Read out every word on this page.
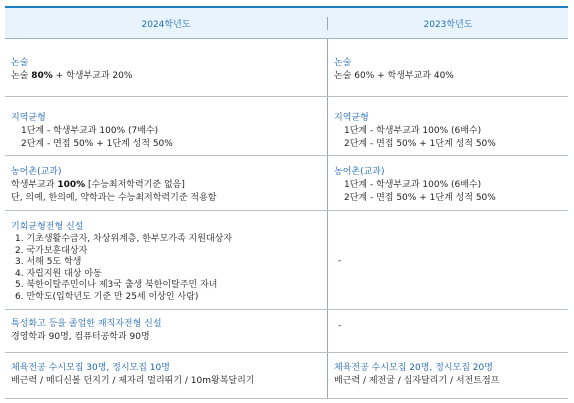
2024학년도	2023학년도
논술
논술 80% + 학생부교과 20%
논술
논술 60% + 학생부교과 40%
지역균형
1단계 - 학생부교과 100% (7배수)
2단계 - 면접 50% + 1단계 성적 50%
지역균형
1단계 - 학생부교과 100% (6배수)
2단계 - 면접 50% + 1단계 성적 50%
농어촌(교과)
학생부교과 100% [수능최저학력기준 없음]
단, 의예, 한의예, 약학과는 수능최저학력기준 적용함
농어촌(교과)
1단계 - 학생부교과 100% (6배수)
2단계 - 면접 50% + 1단계 성적 50%
기회균형전형 신설
1. 기초생활수급자, 차상위계층, 한부모가족 지원대상자
2. 국가보훈대상자
3. 서해 5도 학생
4. 자립지원 대상 아동
5. 북한이탈주민이나 제3국 출생 북한이탈주민 자녀
6. 만학도(입학년도 기준 만 25세 이상인 사람)
-
특성화고 등을 졸업한 재직자전형 신설
경영학과 90명, 컴퓨터공학과 90명
-
체육전공 수시모집 30명, 정시모집 10명
배근력 / 메디신볼 던지기 / 제자리 멀리뛰기 / 10m왕복달리기
체육전공 수시모집 20명, 정시모집 20명
배근력 / 제전굴 / 십자달리기 / 서전트점프
